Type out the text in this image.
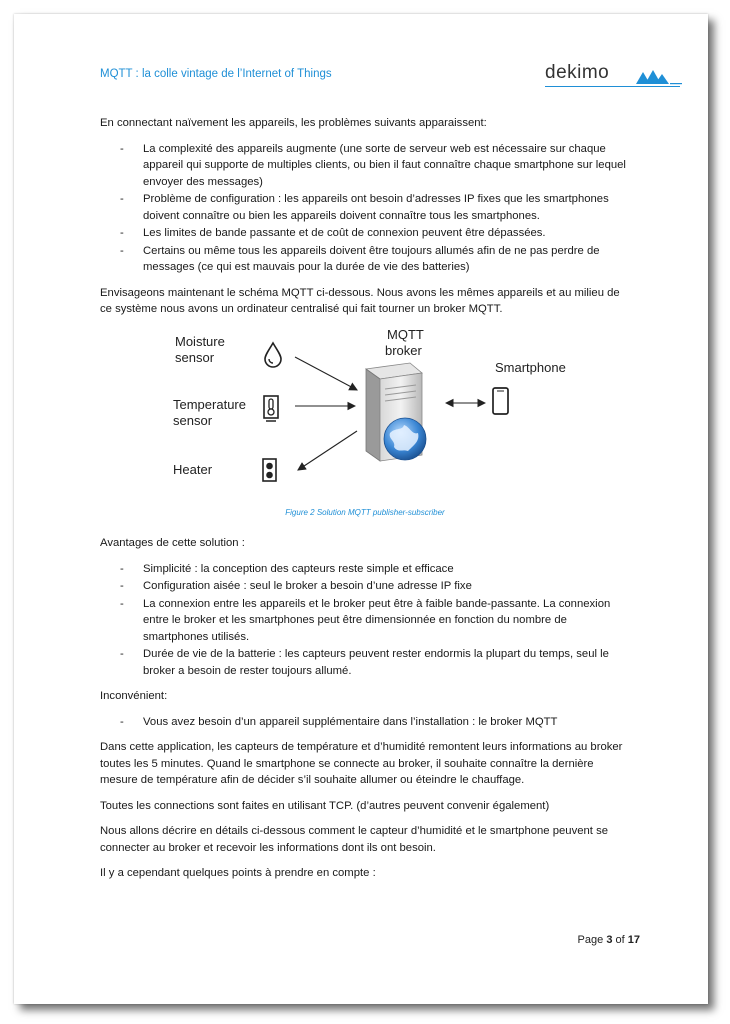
MQTT : la colle vintage de l’Internet of Things	dekimo

En connectant naïvement les appareils, les problèmes suivants apparaissent:

- La complexité des appareils augmente (une sorte de serveur web est nécessaire sur chaque appareil qui supporte de multiples clients, ou bien il faut connaître chaque smartphone sur lequel envoyer des messages)
- Problème de configuration : les appareils ont besoin d’adresses IP fixes que les smartphones doivent connaître ou bien les appareils doivent connaître tous les smartphones.
- Les limites de bande passante et de coût de connexion peuvent être dépassées.
- Certains ou même tous les appareils doivent être toujours allumés afin de ne pas perdre de messages (ce qui est mauvais pour la durée de vie des batteries)

Envisageons maintenant le schéma MQTT ci-dessous. Nous avons les mêmes appareils et au milieu de ce système nous avons un ordinateur centralisé qui fait tourner un broker MQTT.

Moisture
sensor
Temperature
sensor
Heater
MQTT
broker
Smartphone
Figure 2 Solution MQTT publisher-subscriber

Avantages de cette solution :

- Simplicité : la conception des capteurs reste simple et efficace
- Configuration aisée : seul le broker a besoin d’une adresse IP fixe
- La connexion entre les appareils et le broker peut être à faible bande-passante. La connexion entre le broker et les smartphones peut être dimensionnée en fonction du nombre de smartphones utilisés.
- Durée de vie de la batterie : les capteurs peuvent rester endormis la plupart du temps, seul le broker a besoin de rester toujours allumé.

Inconvénient:

- Vous avez besoin d’un appareil supplémentaire dans l’installation : le broker MQTT

Dans cette application, les capteurs de température et d’humidité remontent leurs informations au broker toutes les 5 minutes. Quand le smartphone se connecte au broker, il souhaite connaître la dernière mesure de température afin de décider s’il souhaite allumer ou éteindre le chauffage.

Toutes les connections sont faites en utilisant TCP. (d’autres peuvent convenir également)

Nous allons décrire en détails ci-dessous comment le capteur d’humidité et le smartphone peuvent se connecter au broker et recevoir les informations dont ils ont besoin.

Il y a cependant quelques points à prendre en compte :

Page 3 of 17
